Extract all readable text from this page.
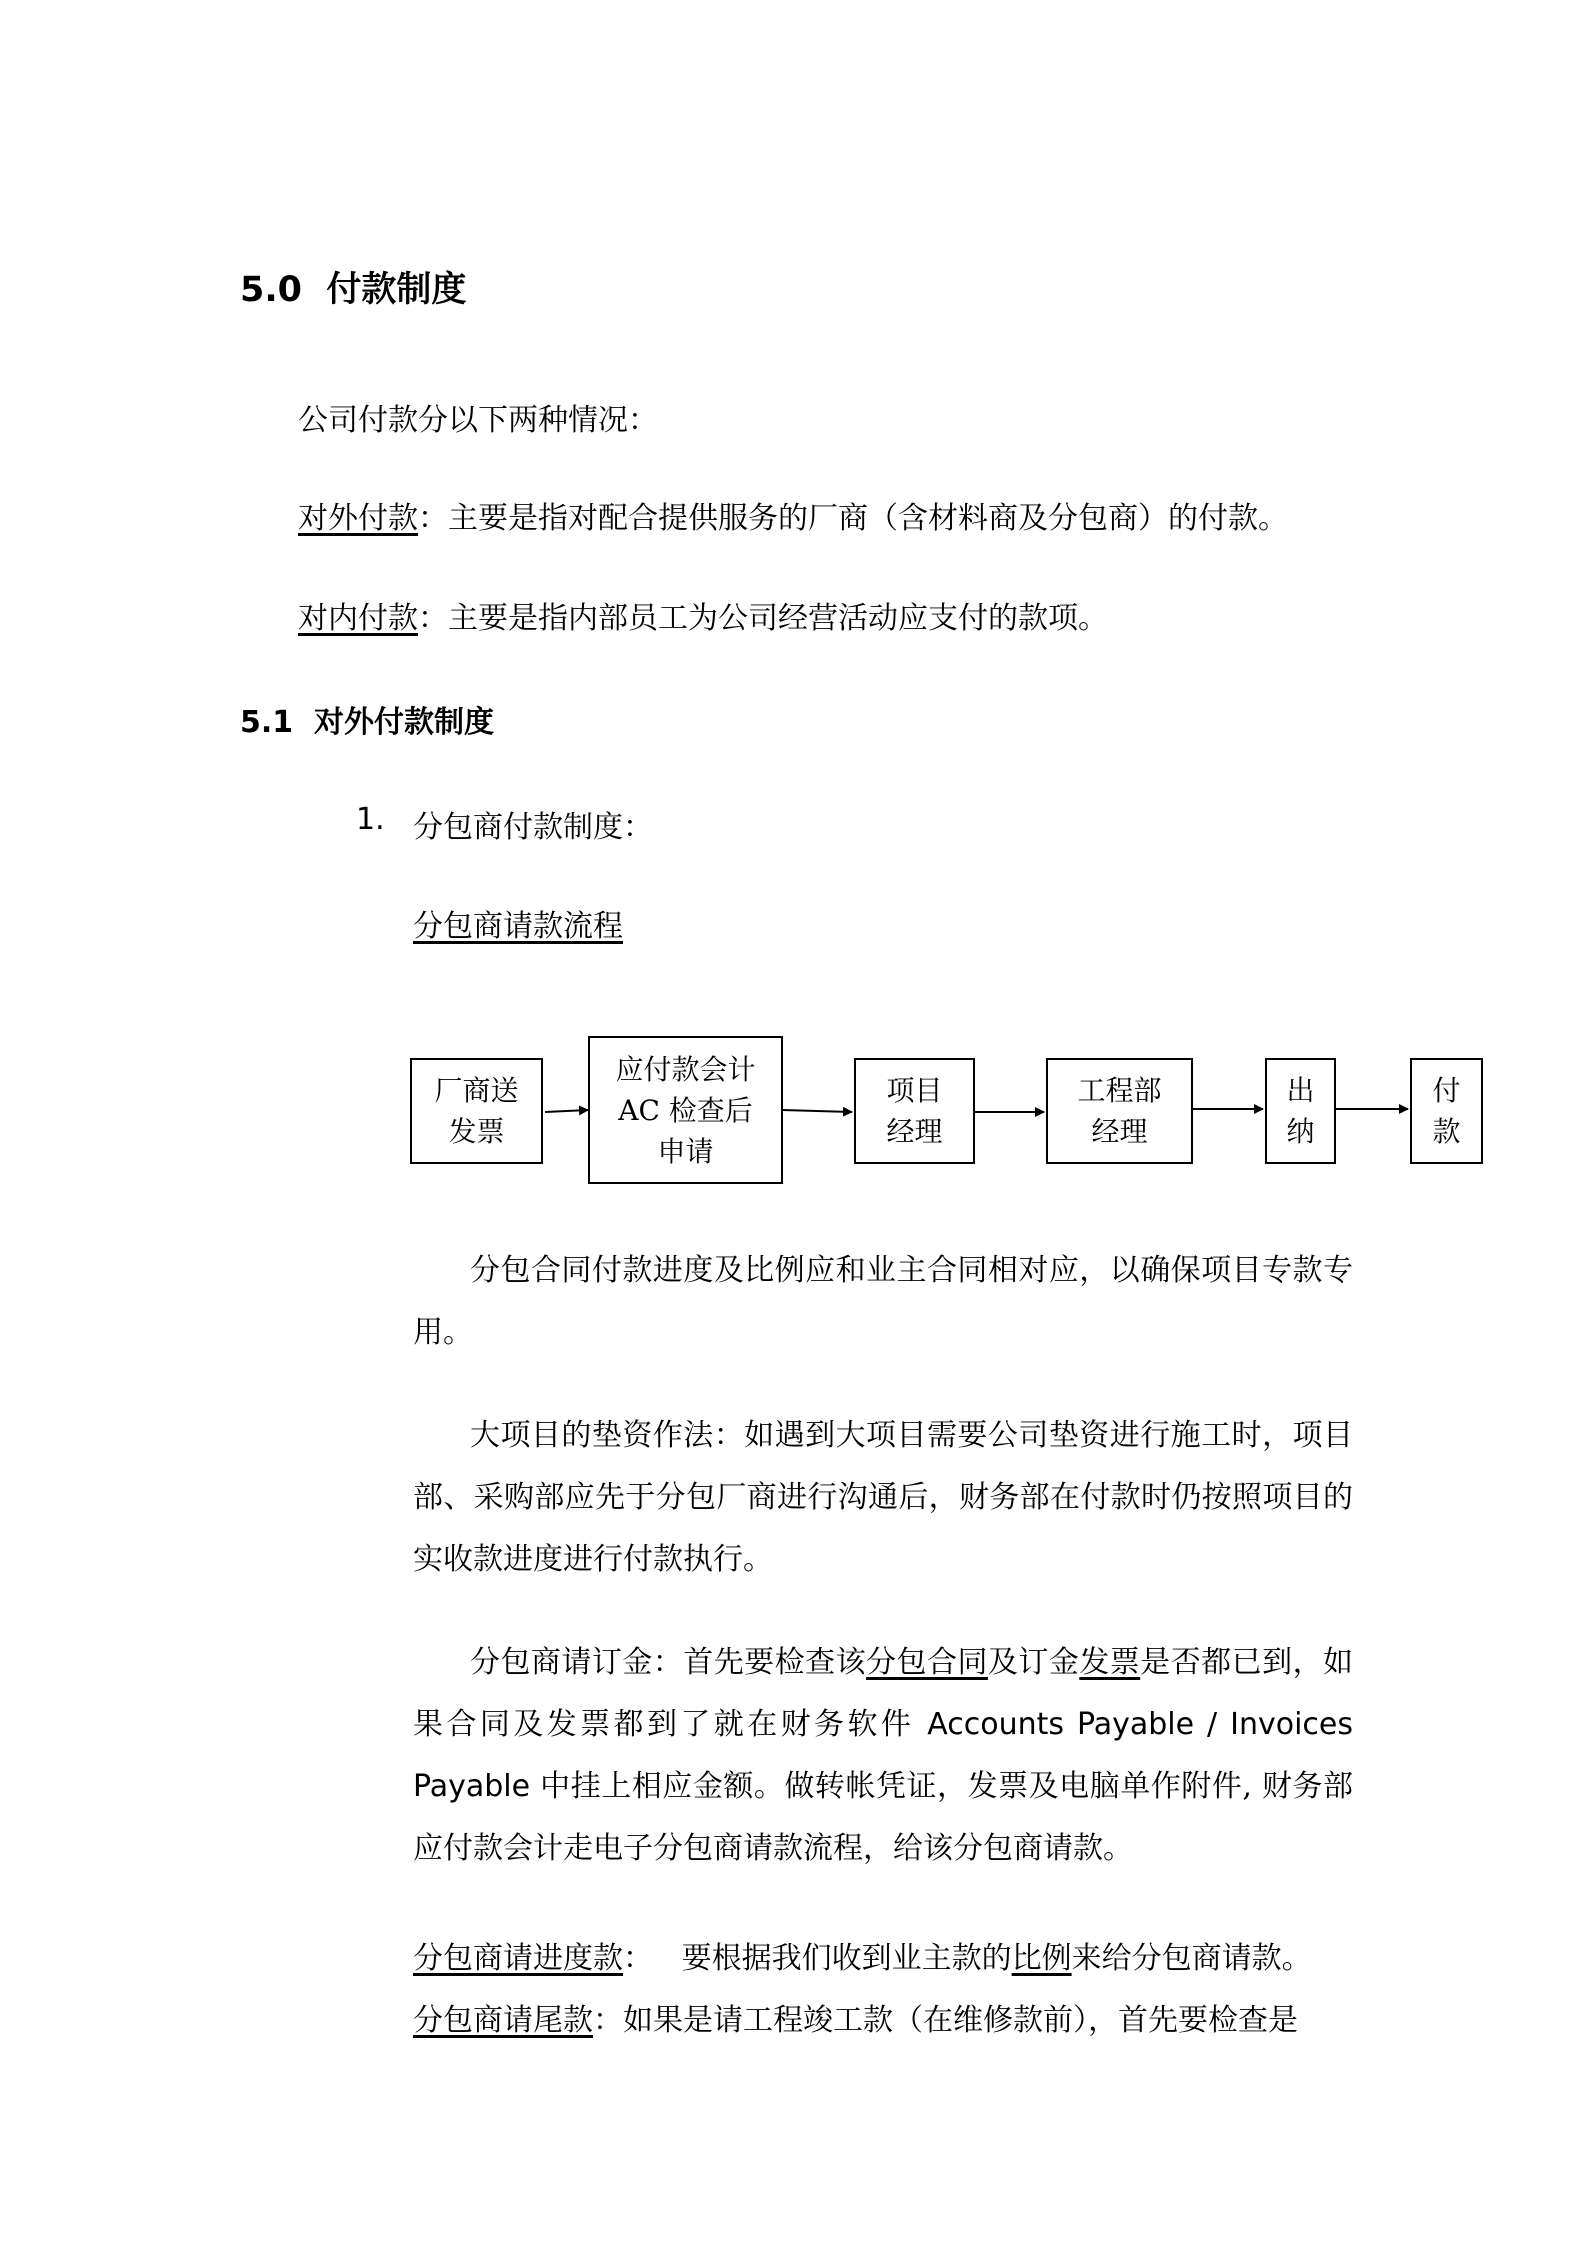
5.0 付款制度
公司付款分以下两种情况：
对外付款：主要是指对配合提供服务的厂商（含材料商及分包商）的付款。
对内付款：主要是指内部员工为公司经营活动应支付的款项。
5.1 对外付款制度
1. 分包商付款制度：
分包商请款流程
厂商送
发票
应付款会计
AC 检查后
申请
项目
经理
工程部
经理
出
纳
付
款
分包合同付款进度及比例应和业主合同相对应，以确保项目专款专用。
大项目的垫资作法：如遇到大项目需要公司垫资进行施工时，项目部、采购部应先于分包厂商进行沟通后，财务部在付款时仍按照项目的实收款进度进行付款执行。
分包商请订金：首先要检查该分包合同及订金发票是否都已到，如果合同及发票都到了就在财务软件 Accounts Payable / Invoices Payable 中挂上相应金额。做转帐凭证，发票及电脑单作附件, 财务部应付款会计走电子分包商请款流程，给该分包商请款。
分包商请进度款：   要根据我们收到业主款的比例来给分包商请款。
分包商请尾款：如果是请工程竣工款（在维修款前），首先要检查是
